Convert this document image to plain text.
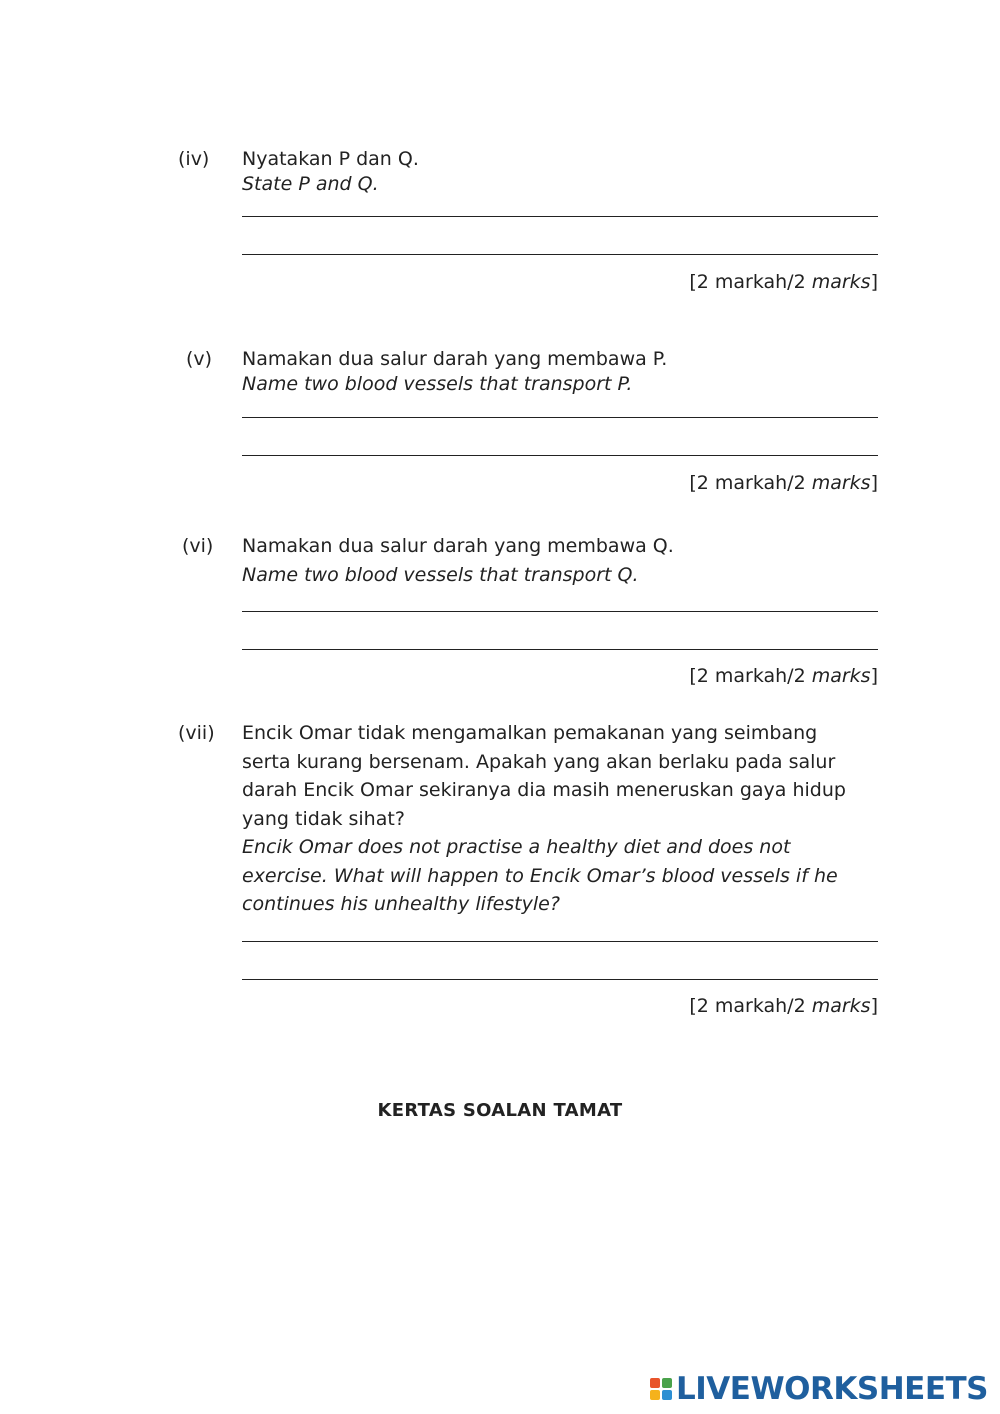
(iv) Nyatakan P dan Q.

State P and Q.

[2 markah/2 marks]
(v) Namakan dua salur darah yang membawa P.

Name two blood vessels that transport P.

[2 markah/2 marks]
(vi) Namakan dua salur darah yang membawa Q.

Name two blood vessels that transport Q.

[2 markah/2 marks]
(vii) Encik Omar tidak mengamalkan pemakanan yang seimbang serta kurang bersenam. Apakah yang akan berlaku pada salur darah Encik Omar sekiranya dia masih meneruskan gaya hidup yang tidak sihat?

Encik Omar does not practise a healthy diet and does not exercise. What will happen to Encik Omar’s blood vessels if he continues his unhealthy lifestyle?

[2 markah/2 marks]
KERTAS SOALAN TAMAT
LIVEWORKSHEETS
